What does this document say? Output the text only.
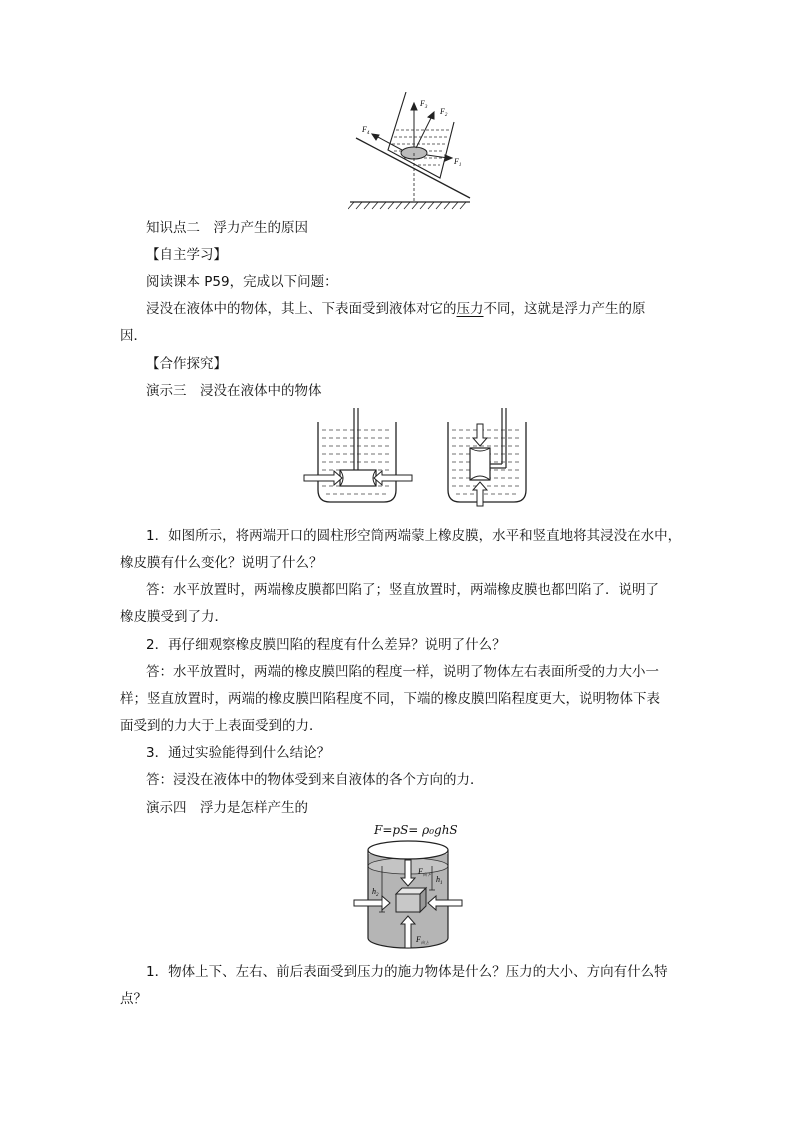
$F_3$ $F_2$
$F_1$
$F_4$
知识点二　浮力产生的原因
【自主学习】
阅读课本 P59，完成以下问题：
浸没在液体中的物体，其上、下表面受到液体对它的压力不同，这就是浮力产生的原
因．
【合作探究】
演示三　浸没在液体中的物体
1．如图所示，将两端开口的圆柱形空筒两端蒙上橡皮膜，水平和竖直地将其浸没在水中，
橡皮膜有什么变化？说明了什么？
答：水平放置时，两端橡皮膜都凹陷了；竖直放置时，两端橡皮膜也都凹陷了．说明了
橡皮膜受到了力．
2．再仔细观察橡皮膜凹陷的程度有什么差异？说明了什么？
答：水平放置时，两端的橡皮膜凹陷的程度一样，说明了物体左右表面所受的力大小一
样；竖直放置时，两端的橡皮膜凹陷程度不同，下端的橡皮膜凹陷程度更大，说明物体下表
面受到的力大于上表面受到的力．
3．通过实验能得到什么结论？
答：浸没在液体中的物体受到来自液体的各个方向的力．
演示四　浮力是怎样产生的
F=pS= ρ₀ghS
$h_2$
$h_1$
$F_{向下}$
$F_{向上}$
1．物体上下、左右、前后表面受到压力的施力物体是什么？压力的大小、方向有什么特
点？
